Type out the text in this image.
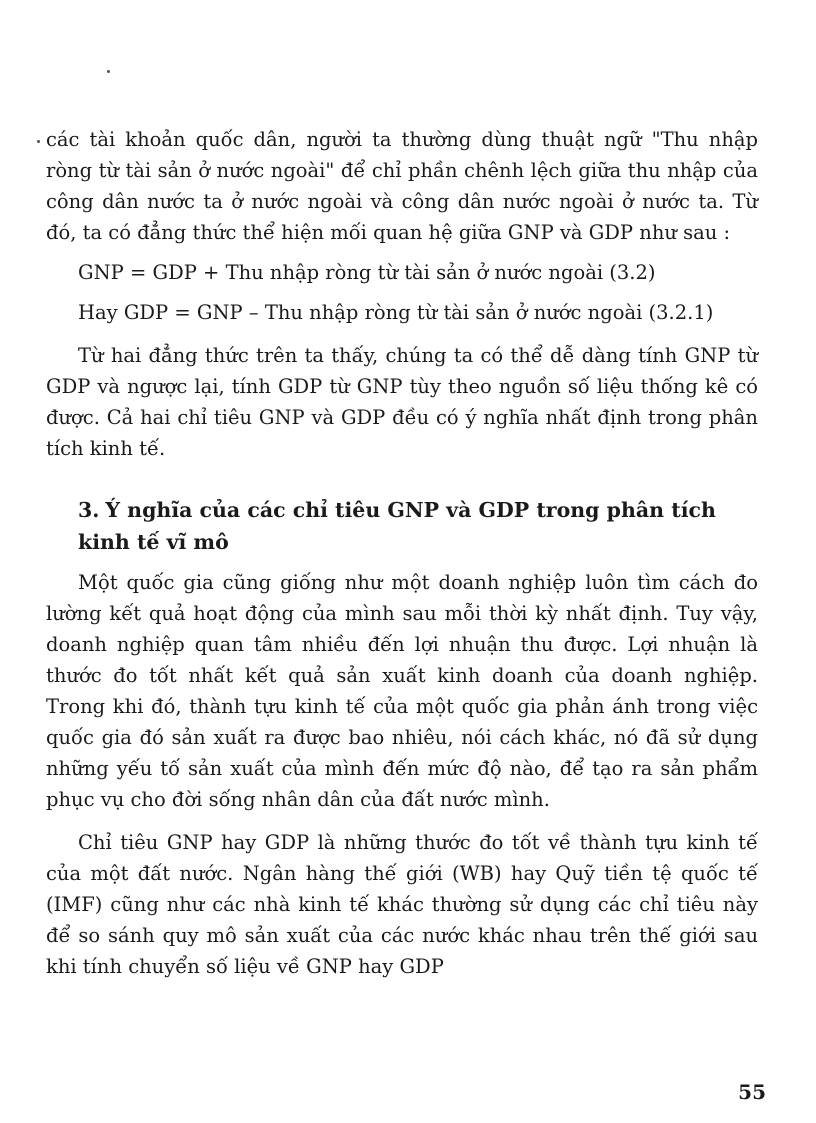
các tài khoản quốc dân, người ta thường dùng thuật ngữ "Thu nhập ròng từ tài sản ở nước ngoài" để chỉ phần chênh lệch giữa thu nhập của công dân nước ta ở nước ngoài và công dân nước ngoài ở nước ta. Từ đó, ta có đẳng thức thể hiện mối quan hệ giữa GNP và GDP như sau :

GNP = GDP + Thu nhập ròng từ tài sản ở nước ngoài (3.2)

Hay GDP = GNP – Thu nhập ròng từ tài sản ở nước ngoài (3.2.1)

Từ hai đẳng thức trên ta thấy, chúng ta có thể dễ dàng tính GNP từ GDP và ngược lại, tính GDP từ GNP tùy theo nguồn số liệu thống kê có được. Cả hai chỉ tiêu GNP và GDP đều có ý nghĩa nhất định trong phân tích kinh tế.

3. Ý nghĩa của các chỉ tiêu GNP và GDP trong phân tích kinh tế vĩ mô

Một quốc gia cũng giống như một doanh nghiệp luôn tìm cách đo lường kết quả hoạt động của mình sau mỗi thời kỳ nhất định. Tuy vậy, doanh nghiệp quan tâm nhiều đến lợi nhuận thu được. Lợi nhuận là thước đo tốt nhất kết quả sản xuất kinh doanh của doanh nghiệp. Trong khi đó, thành tựu kinh tế của một quốc gia phản ánh trong việc quốc gia đó sản xuất ra được bao nhiêu, nói cách khác, nó đã sử dụng những yếu tố sản xuất của mình đến mức độ nào, để tạo ra sản phẩm phục vụ cho đời sống nhân dân của đất nước mình.

Chỉ tiêu GNP hay GDP là những thước đo tốt về thành tựu kinh tế của một đất nước. Ngân hàng thế giới (WB) hay Quỹ tiền tệ quốc tế (IMF) cũng như các nhà kinh tế khác thường sử dụng các chỉ tiêu này để so sánh quy mô sản xuất của các nước khác nhau trên thế giới sau khi tính chuyển số liệu về GNP hay GDP

55
